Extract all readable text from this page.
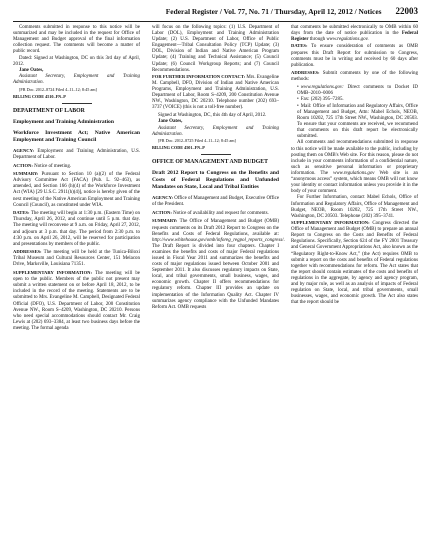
Federal Register / Vol. 77, No. 71 / Thursday, April 12, 2012 / Notices 22003

Comments submitted in response to this notice will be summarized and may be included in the request for Office of Management and Budget approval of the final information collection request. The comments will become a matter of public record.

Dated: Signed at Washington, DC on this 3rd day of April, 2012.

Jane Oates,

Assistant Secretary, Employment and Training Administration.

[FR Doc. 2012–8724 Filed 4–11–12; 8:45 am]

BILLING CODE 4510–FN–P

DEPARTMENT OF LABOR
Employment and Training Administration
Workforce Investment Act; Native American Employment and Training Council

AGENCY: Employment and Training Administration, U.S. Department of Labor.

ACTION: Notice of meeting.

SUMMARY: Pursuant to Section 10 (a)(2) of the Federal Advisory Committee Act (FACA) (Pub. L. 92–463), as amended, and Section 166 (h)(4) of the Workforce Investment Act (WIA) [29 U.S.C. 2911(h)(4)], notice is hereby given of the next meeting of the Native American Employment and Training Council (Council), as constituted under WIA.

DATES: The meeting will begin at 1:30 p.m. (Eastern Time) on Thursday, April 26, 2012, and continue until 5 p.m. that day. The meeting will reconvene at 9 a.m. on Friday, April 27, 2012, and adjourn at 3 p.m. that day. The period from 2:30 p.m. to 4:30 p.m. on April 26, 2012, will be reserved for participation and presentations by members of the public.

ADDRESSES: The meeting will be held at the Tunica-Biloxi Tribal Museum and Cultural Resources Center, 151 Melacon Drive, Marksville, Louisiana 71351.

SUPPLEMENTARY INFORMATION: The meeting will be open to the public. Members of the public not present may submit a written statement on or before April 18, 2012, to be included in the record of the meeting. Statements are to be submitted to Mrs. Evangeline M. Campbell, Designated Federal Official (DFO), U.S. Department of Labor, 200 Constitution Avenue NW., Room S–4209, Washington, DC 20210. Persons who need special accommodations should contact Mr. Craig Lewis at (202) 693–3384, at least two business days before the meeting. The formal agenda

will focus on the following topics: (1) U.S. Department of Labor (DOL), Employment and Training Administration Update; (2) U.S. Department of Labor, Office of Public Engagement—Tribal Consultation Policy (TCP) Update; (3) DOL, Division of Indian and Native American Program Update; (4) Training and Technical Assistance; (5) Council Update; (6) Council Workgroup Reports; and (7) Council Recommendations.

FOR FURTHER INFORMATION CONTACT: Mrs. Evangeline M. Campbell, DFO, Division of Indian and Native American Programs, Employment and Training Administration, U.S. Department of Labor, Room S–4209, 200 Constitution Avenue NW., Washington, DC 20210. Telephone number (202) 693–3737 (VOICE) (this is not a toll-free number).

Signed at Washington, DC, this 4th day of April, 2012.

Jane Oates,

Assistant Secretary, Employment and Training Administration.

[FR Doc. 2012–8725 Filed 4–11–12; 8:45 am]

BILLING CODE 4501–FN–P

OFFICE OF MANAGEMENT AND BUDGET
Draft 2012 Report to Congress on the Benefits and Costs of Federal Regulations and Unfunded Mandates on State, Local and Tribal Entities

AGENCY: Office of Management and Budget, Executive Office of the President.

ACTION: Notice of availability and request for comments.

SUMMARY: The Office of Management and Budget (OMB) requests comments on its Draft 2012 Report to Congress on the Benefits and Costs of Federal Regulations, available at: http://www.whitehouse.gov/omb/inforeg_regpol_reports_congress/. The Draft Report is divided into four chapters. Chapter I examines the benefits and costs of major Federal regulations issued in Fiscal Year 2011 and summarizes the benefits and costs of major regulations issued between October 2001 and September 2011. It also discusses regulatory impacts on State, local, and tribal governments, small business, wages, and economic growth. Chapter II offers recommendations for regulatory reform. Chapter III provides an update on implementation of the Information Quality Act. Chapter IV summarizes agency compliance with the Unfunded Mandates Reform Act. OMB requests

that comments be submitted electronically to OMB within 60 days from the date of notice publication in the Federal Register through www.regulations.gov.

DATES: To ensure consideration of comments as OMB prepares this Draft Report for submission to Congress, comments must be in writing and received by 60 days after publication.

ADDRESSES: Submit comments by one of the following methods:

• www.regulations.gov: Direct comments to Docket ID OMB–2010–0006

• Fax: (202) 395–7285.

• Mail: Office of Information and Regulatory Affairs, Office of Management and Budget, Attn: Mabel Echols, NEOB, Room 10202, 725 17th Street NW., Washington, DC 20503. To ensure that your comments are received, we recommend that comments on this draft report be electronically submitted.

All comments and recommendations submitted in response to this notice will be made available to the public, including by posting them on OMB's Web site. For this reason, please do not include in your comments information of a confidential nature, such as sensitive personal information or proprietary information. The www.regulations.gov Web site is an “anonymous access” system, which means OMB will not know your identity or contact information unless you provide it in the body of your comment.

For Further Information, contact Mabel Echols, Office of Information and Regulatory Affairs, Office of Management and Budget, NEOB, Room 10202, 725 17th Street NW., Washington, DC 20503. Telephone (202) 395–3741.

SUPPLEMENTARY INFORMATION: Congress directed the Office of Management and Budget (OMB) to prepare an annual Report to Congress on the Costs and Benefits of Federal Regulations. Specifically, Section 624 of the FY 2001 Treasury and General Government Appropriations Act, also known as the “Regulatory Right-to-Know Act,” (the Act) requires OMB to submit a report on the costs and benefits of Federal regulations together with recommendations for reform. The Act states that the report should contain estimates of the costs and benefits of regulations in the aggregate, by agency and agency program, and by major rule, as well as an analysis of impacts of Federal regulation on State, local, and tribal governments, small businesses, wages, and economic growth. The Act also states that the report should be
